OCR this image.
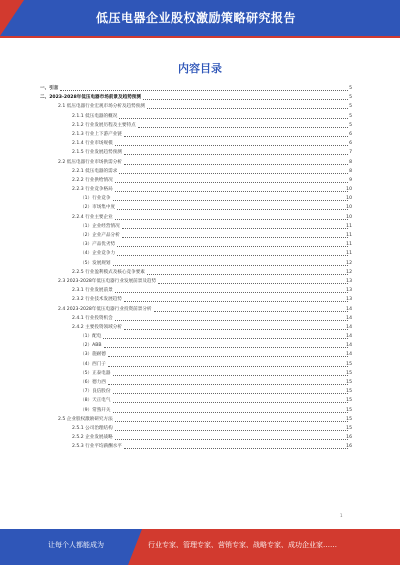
低压电器企业股权激励策略研究报告
内容目录
一、引言	5
二、2023-2028年低压电器市场前景及趋势预测	5
2.1 低压电器行业宏观市场分析及趋势预测	5
2.1.1 低压电器的概况	5
2.1.2 行业发展历程及主要特点	5
2.1.3 行业上下游产业链	6
2.1.4 行业市场规模	6
2.1.5 行业发展趋势预测	7
2.2 低压电器行业市场供需分析	8
2.2.1 低压电器的需求	8
2.2.2 行业供给情况	9
2.2.3 行业竞争格局	10
（1）行业竞争	10
（2）市场集中度	10
2.2.4 行业主要企业	10
（1）企业经营情况	11
（2）企业产品分析	11
（3）产品优劣势	11
（4）企业竞争力	11
（5）发展规划	12
2.2.5 行业盈利模式及核心竞争要素	12
2.3 2023-2028年低压电器行业发展前景及趋势	13
2.3.1 行业发展前景	13
2.3.2 行业技术发展趋势	13
2.4 2023-2028年低压电器行业投资前景分析	14
2.4.1 行业投资机会	14
2.4.2 主要投资领域分析	14
（1）配电	14
（2）ABB	14
（3）施耐德	14
（4）西门子	15
（5）正泰电器	15
（6）德力西	15
（7）良信股份	15
（8）天正电气	15
（9）常熟开关	15
2.5 企业股权激励研究方法	15
2.5.1 公司治理结构	15
2.5.2 企业发展战略	16
2.5.3 行业平均薪酬水平	16
1
让每个人都能成为	行业专家、管理专家、营销专家、战略专家、成功企业家……
